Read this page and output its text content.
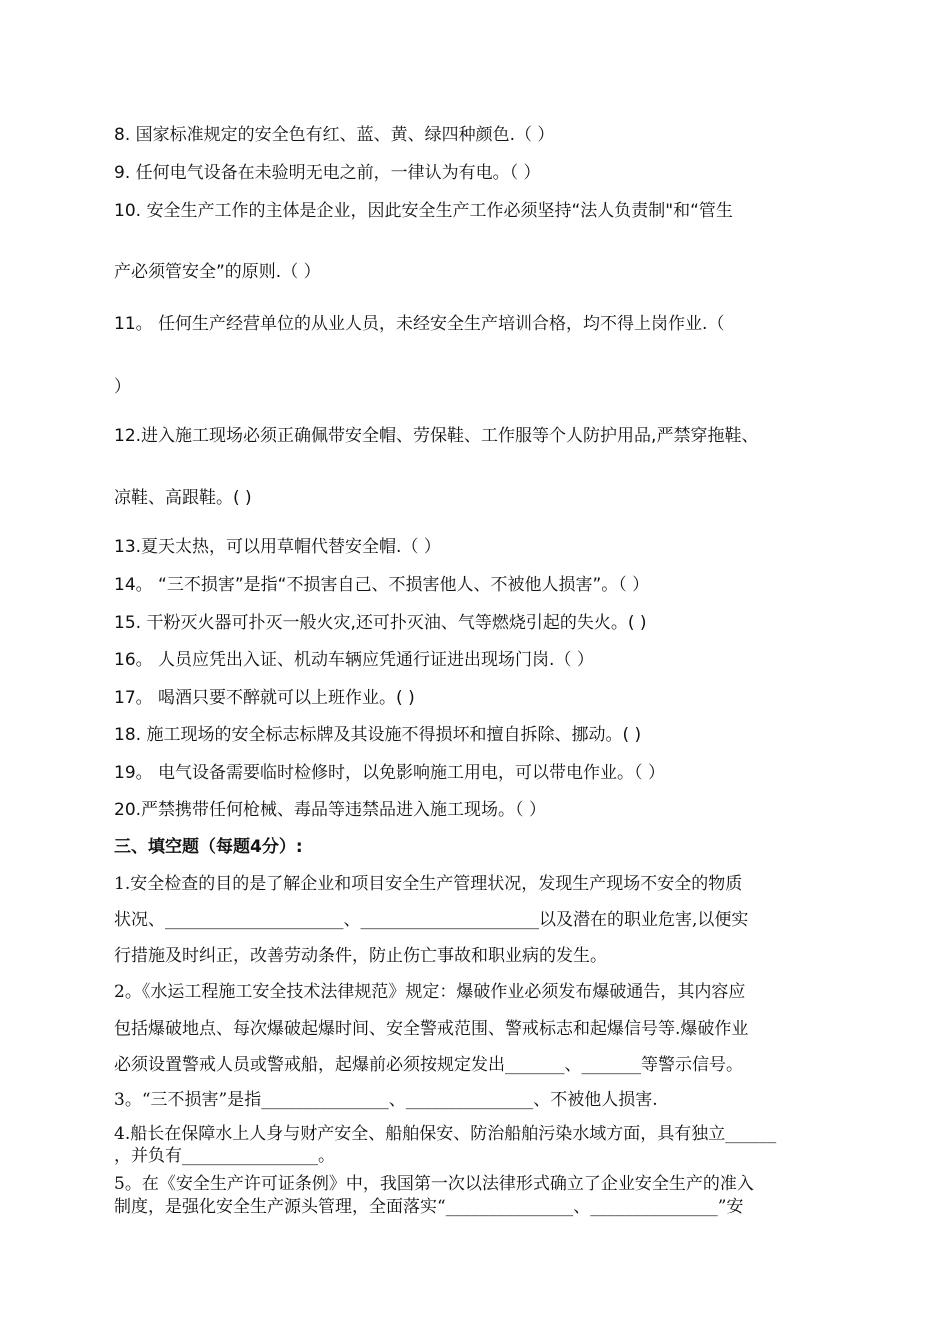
8. 国家标准规定的安全色有红、蓝、黄、绿四种颜色.（ ）
9. 任何电气设备在未验明无电之前，一律认为有电。（ ）
10. 安全生产工作的主体是企业，因此安全生产工作必须坚持“法人负责制"和“管生
产必须管安全”的原则.（ ）
11。 任何生产经营单位的从业人员，未经安全生产培训合格，均不得上岗作业.（
）
12.进入施工现场必须正确佩带安全帽、劳保鞋、工作服等个人防护用品,严禁穿拖鞋、
凉鞋、高跟鞋。( )
13.夏天太热，可以用草帽代替安全帽.（ ）
14。 “三不损害”是指“不损害自己、不损害他人、不被他人损害”。（ ）
15. 干粉灭火器可扑灭一般火灾,还可扑灭油、气等燃烧引起的失火。( )
16。 人员应凭出入证、机动车辆应凭通行证进出现场门岗.（ ）
17。 喝酒只要不醉就可以上班作业。( )
18. 施工现场的安全标志标牌及其设施不得损坏和擅自拆除、挪动。( )
19。 电气设备需要临时检修时，以免影响施工用电，可以带电作业。（ ）
20.严禁携带任何枪械、毒品等违禁品进入施工现场。（ ）
三、填空题（每题4分）:
1.安全检查的目的是了解企业和项目安全生产管理状况，发现生产现场不安全的物质
状况、_____________________、_____________________以及潜在的职业危害,以便实
行措施及时纠正，改善劳动条件，防止伤亡事故和职业病的发生。
2。《水运工程施工安全技术法律规范》规定：爆破作业必须发布爆破通告，其内容应
包括爆破地点、每次爆破起爆时间、安全警戒范围、警戒标志和起爆信号等.爆破作业
必须设置警戒人员或警戒船，起爆前必须按规定发出_______、_______等警示信号。
3。“三不损害”是指_______________、_______________、不被他人损害.
4.船长在保障水上人身与财产安全、船舶保安、防治船舶污染水域方面，具有独立______
，并负有________________。
5。在《安全生产许可证条例》中，我国第一次以法律形式确立了企业安全生产的准入
制度，是强化安全生产源头管理，全面落实“_______________、_______________”安
